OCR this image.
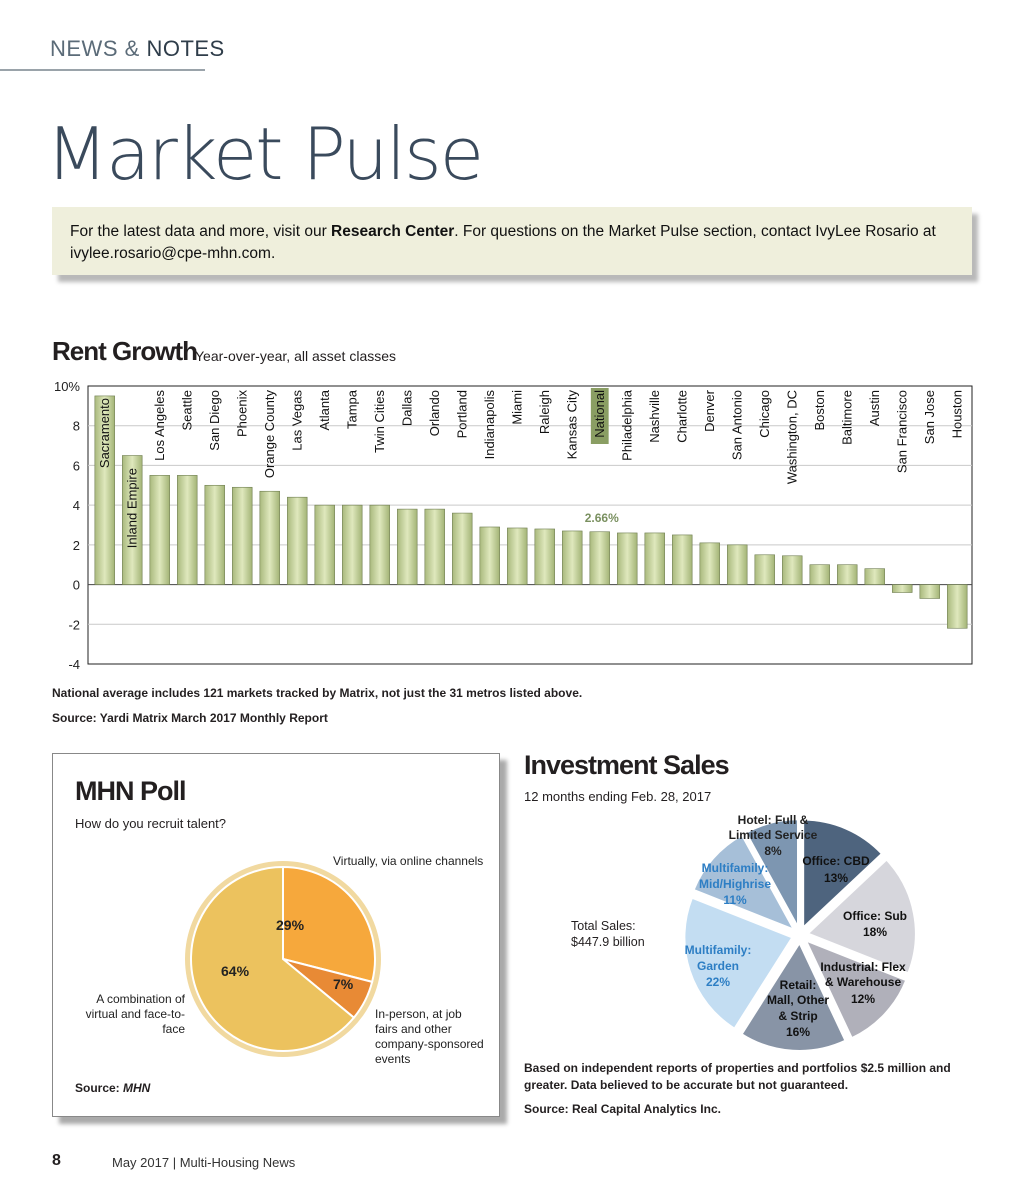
NEWS & NOTES
Market Pulse
For the latest data and more, visit our Research Center. For questions on the Market Pulse section, contact IvyLee Rosario at ivylee.rosario@cpe-mhn.com.
Rent Growth
Year-over-year, all asset classes
10%
8
6
4
2
0
-2
-4
Sacramento
Inland Empire
Los Angeles Seattle San Diego Phoenix Orange County Las Vegas Atlanta Tampa Twin Cities Dallas Orlando Portland Indianapolis Miami Raleigh Kansas City National Philadelphia Nashville Charlotte Denver San Antonio Chicago Washington, DC Boston Baltimore Austin San Francisco San Jose Houston
2.66%
National average includes 121 markets tracked by Matrix, not just the 31 metros listed above.
Source: Yardi Matrix March 2017 Monthly Report
MHN Poll
How do you recruit talent?
29%
7%
64%
Virtually, via online channels
In-person, at job fairs and other company-sponsored events
A combination of virtual and face-to-face
Source: MHN
Investment Sales
12 months ending Feb. 28, 2017
Total Sales:
$447.9 billion
Hotel: Full &
Limited Service
8%
Office: CBD
13%
Office: Sub
18%
Industrial: Flex
& Warehouse
12%
Retail:
Mall, Other
& Strip
16%
Multifamily:
Garden
22%
Multifamily:
Mid/Highrise
11%
Based on independent reports of properties and portfolios $2.5 million and greater. Data believed to be accurate but not guaranteed.
Source: Real Capital Analytics Inc.
8	May 2017 | Multi-Housing News
